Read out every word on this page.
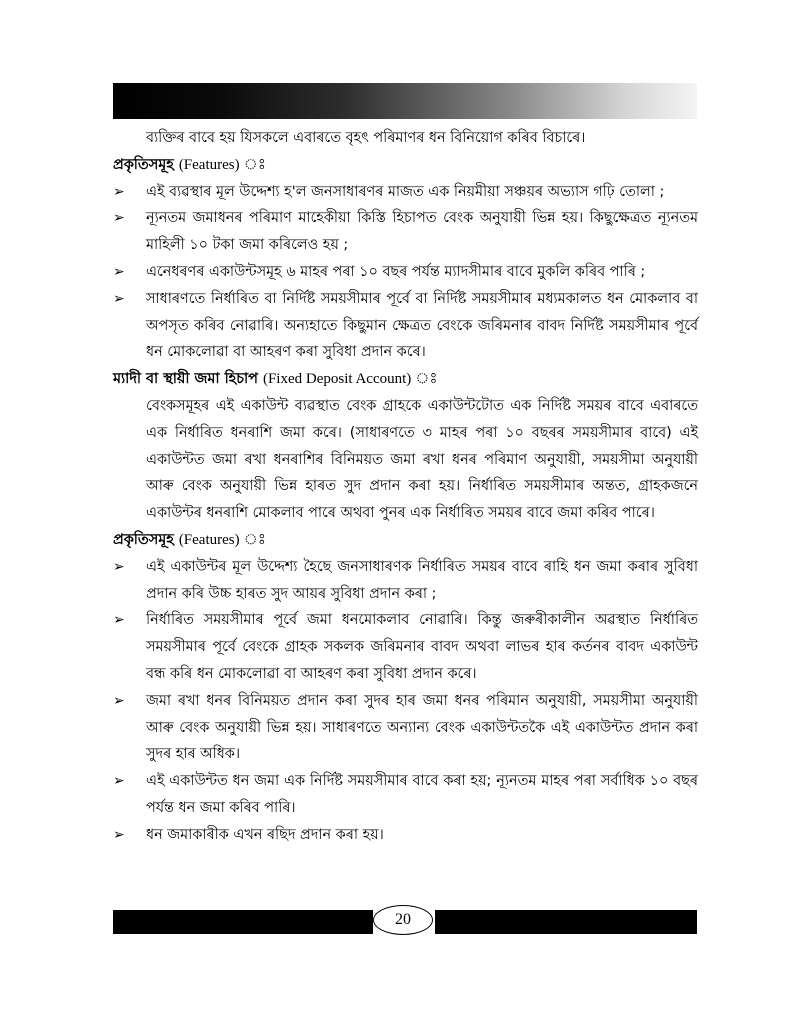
ব্যক্তিৰ বাবে হয় যিসকলে এবাৰতে বৃহৎ পৰিমাণৰ ধন বিনিয়োগ কৰিব বিচাৰে।

প্ৰকৃতিসমূহ (Features) ঃ

➢ এই ব্যৱস্থাৰ মূল উদ্দেশ্য হ'ল জনসাধাৰণৰ মাজত এক নিয়মীয়া সঞ্চয়ৰ অভ্যাস গঢ়ি তোলা ;
➢ ন্যূনতম জমাধনৰ পৰিমাণ মাহেকীয়া কিস্তি হিচাপত বেংক অনুযায়ী ভিন্ন হয়। কিছুক্ষেত্ৰত ন্যূনতম মাহিলী ১০ টকা জমা কৰিলেও হয় ;
➢ এনেধৰণৰ একাউন্টসমূহ ৬ মাহৰ পৰা ১০ বছৰ পৰ্যন্ত ম্যাদসীমাৰ বাবে মুকলি কৰিব পাৰি ;
➢ সাধাৰণতে নিৰ্ধাৰিত বা নিৰ্দিষ্ট সময়সীমাৰ পূৰ্বে বা নিৰ্দিষ্ট সময়সীমাৰ মধ্যমকালত ধন মোকলাব বা অপসৃত কৰিব নোৱাৰি। অন্যহাতে কিছুমান ক্ষেত্ৰত বেংকে জৰিমনাৰ বাবদ নিৰ্দিষ্ট সময়সীমাৰ পূৰ্বে ধন মোকলোৱা বা আহৰণ কৰা সুবিধা প্ৰদান কৰে।

ম্যাদী বা স্থায়ী জমা হিচাপ (Fixed Deposit Account) ঃ

বেংকসমূহৰ এই একাউন্ট ব্যৱস্থাত বেংক গ্ৰাহকে একাউন্টটোত এক নিৰ্দিষ্ট সময়ৰ বাবে এবাৰতে এক নিৰ্ধাৰিত ধনৰাশি জমা কৰে। (সাধাৰণতে ৩ মাহৰ পৰা ১০ বছৰৰ সময়সীমাৰ বাবে) এই একাউন্টত জমা ৰখা ধনৰাশিৰ বিনিময়ত জমা ৰখা ধনৰ পৰিমাণ অনুযায়ী, সময়সীমা অনুযায়ী আৰু বেংক অনুযায়ী ভিন্ন হাৰত সুদ প্ৰদান কৰা হয়। নিৰ্ধাৰিত সময়সীমাৰ অন্তত, গ্ৰাহকজনে একাউন্টৰ ধনৰাশি মোকলাব পাৰে অথবা পুনৰ এক নিৰ্ধাৰিত সময়ৰ বাবে জমা কৰিব পাৰে।

প্ৰকৃতিসমূহ (Features) ঃ

➢ এই একাউন্টৰ মূল উদ্দেশ্য হৈছে জনসাধাৰণক নিৰ্ধাৰিত সময়ৰ বাবে ৰাহি ধন জমা কৰাৰ সুবিধা প্ৰদান কৰি উচ্চ হাৰত সুদ আয়ৰ সুবিধা প্ৰদান কৰা ;
➢ নিৰ্ধাৰিত সময়সীমাৰ পূৰ্বে জমা ধনমোকলাব নোৱাৰি। কিন্তু জৰুৰীকালীন অৱস্থাত নিৰ্ধাৰিত সময়সীমাৰ পূৰ্বে বেংকে গ্ৰাহক সকলক জৰিমনাৰ বাবদ অথবা লাভৰ হাৰ কৰ্তনৰ বাবদ একাউন্ট বন্ধ কৰি ধন মোকলোৱা বা আহৰণ কৰা সুবিধা প্ৰদান কৰে।
➢ জমা ৰখা ধনৰ বিনিময়ত প্ৰদান কৰা সুদৰ হাৰ জমা ধনৰ পৰিমান অনুযায়ী, সময়সীমা অনুযায়ী আৰু বেংক অনুযায়ী ভিন্ন হয়। সাধাৰণতে অন্যান্য বেংক একাউন্টতকৈ এই একাউন্টত প্ৰদান কৰা সুদৰ হাৰ অধিক।
➢ এই একাউন্টত ধন জমা এক নিৰ্দিষ্ট সময়সীমাৰ বাবে কৰা হয়; ন্যূনতম মাহৰ পৰা সৰ্বাধিক ১০ বছৰ পৰ্যন্ত ধন জমা কৰিব পাৰি।
➢ ধন জমাকাৰীক এখন ৰছিদ প্ৰদান কৰা হয়।
20
